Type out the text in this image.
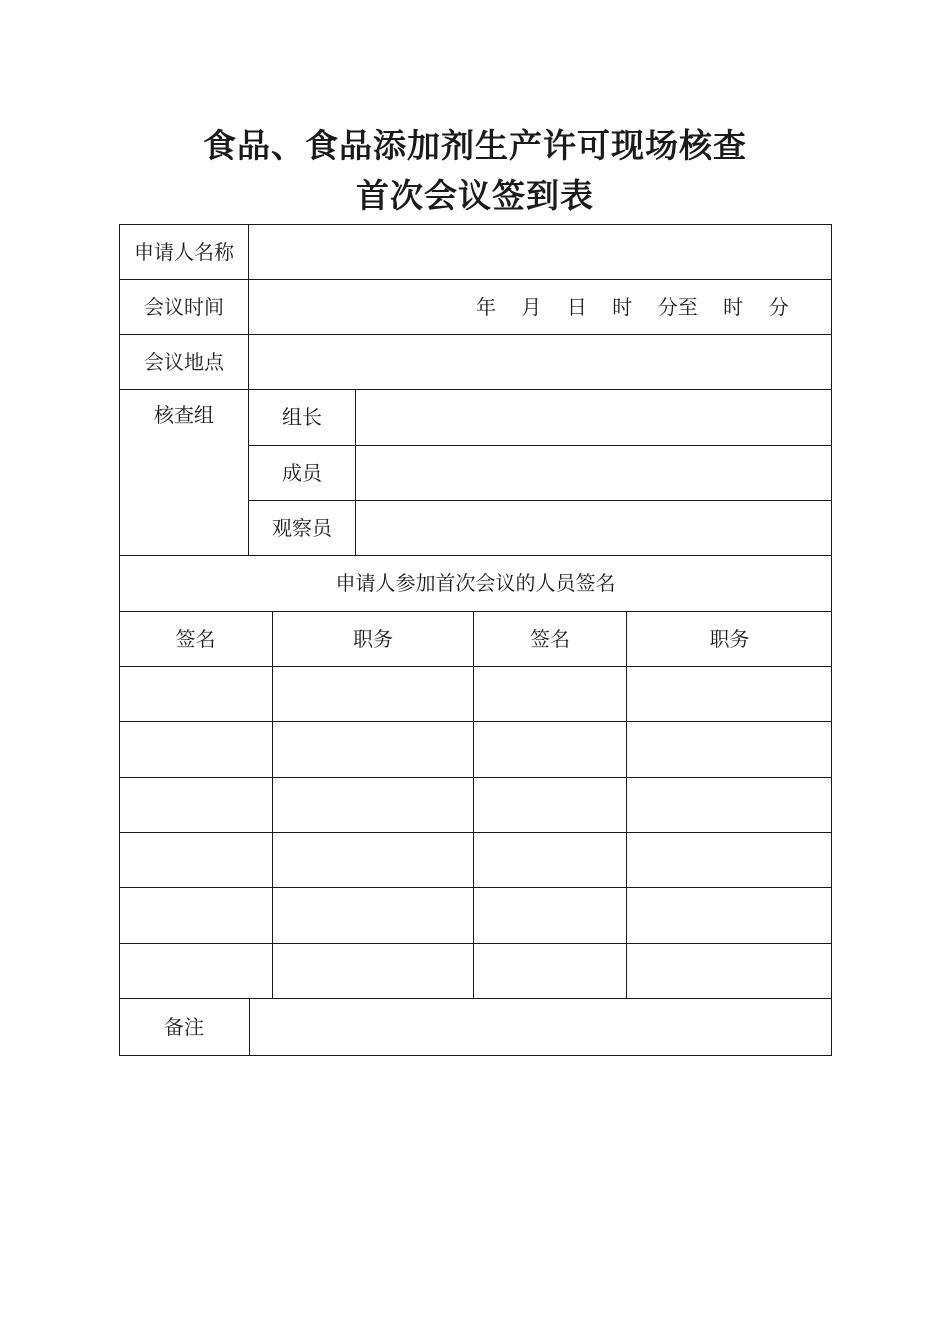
食品、食品添加剂生产许可现场核查
首次会议签到表
申请人名称
会议时间	年    月    日    时    分至    时    分
会议地点
核查组	组长
成员
观察员
申请人参加首次会议的人员签名
签名	职务	签名	职务
备注
